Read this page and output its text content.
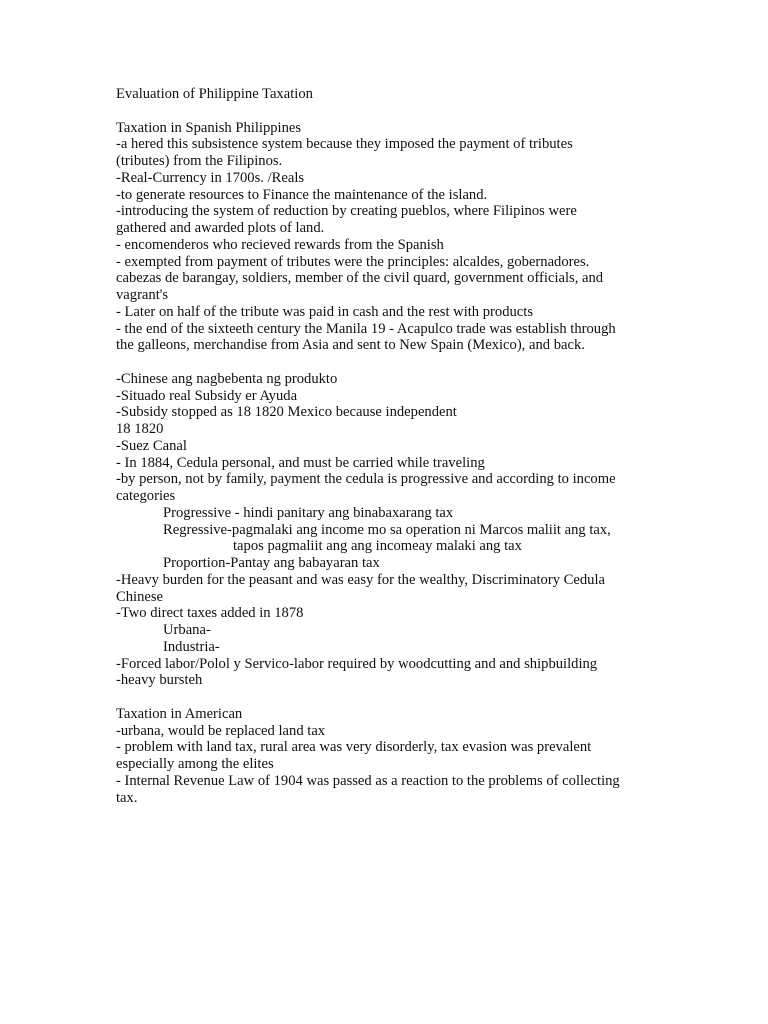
Evaluation of Philippine Taxation
Taxation in Spanish Philippines
-a hered this subsistence system because they imposed the payment of tributes
(tributes) from the Filipinos.
-Real-Currency in 1700s. /Reals
-to generate resources to Finance the maintenance of the island.
-introducing the system of reduction by creating pueblos, where Filipinos were
gathered and awarded plots of land.
- encomenderos who recieved rewards from the Spanish
- exempted from payment of tributes were the principles: alcaldes, gobernadores.
cabezas de barangay, soldiers, member of the civil quard, government officials, and
vagrant's
- Later on half of the tribute was paid in cash and the rest with products
- the end of the sixteeth century the Manila 19 - Acapulco trade was establish through
the galleons, merchandise from Asia and sent to New Spain (Mexico), and back.
-Chinese ang nagbebenta ng produkto
-Situado real Subsidy er Ayuda
-Subsidy stopped as 18 1820 Mexico because independent
18 1820
-Suez Canal
- In 1884, Cedula personal, and must be carried while traveling
-by person, not by family, payment the cedula is progressive and according to income
categories
Progressive - hindi panitary ang binabaxarang tax
Regressive-pagmalaki ang income mo sa operation ni Marcos maliit ang tax,
tapos pagmaliit ang ang incomeay malaki ang tax
Proportion-Pantay ang babayaran tax
-Heavy burden for the peasant and was easy for the wealthy, Discriminatory Cedula
Chinese
-Two direct taxes added in 1878
Urbana-
Industria-
-Forced labor/Polol y Servico-labor required by woodcutting and and shipbuilding
-heavy bursteh
Taxation in American
-urbana, would be replaced land tax
- problem with land tax, rural area was very disorderly, tax evasion was prevalent
especially among the elites
- Internal Revenue Law of 1904 was passed as a reaction to the problems of collecting
tax.
